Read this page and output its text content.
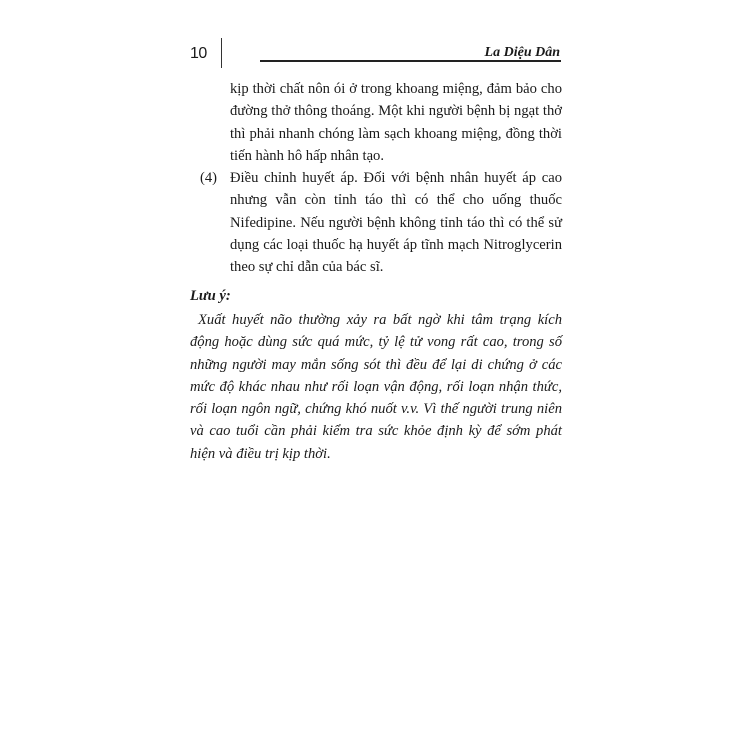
10	La Diệu Dân

kịp thời chất nôn ói ở trong khoang miệng, đảm bảo cho đường thở thông thoáng. Một khi người bệnh bị ngạt thở thì phải nhanh chóng làm sạch khoang miệng, đồng thời tiến hành hô hấp nhân tạo.

(4) Điều chỉnh huyết áp. Đối với bệnh nhân huyết áp cao nhưng vẫn còn tỉnh táo thì có thể cho uống thuốc Nifedipine. Nếu người bệnh không tỉnh táo thì có thể sử dụng các loại thuốc hạ huyết áp tĩnh mạch Nitroglycerin theo sự chỉ dẫn của bác sĩ.

Lưu ý:

Xuất huyết não thường xảy ra bất ngờ khi tâm trạng kích động hoặc dùng sức quá mức, tỷ lệ tử vong rất cao, trong số những người may mắn sống sót thì đều để lại di chứng ở các mức độ khác nhau như rối loạn vận động, rối loạn nhận thức, rối loạn ngôn ngữ, chứng khó nuốt v.v. Vì thế người trung niên và cao tuổi cần phải kiểm tra sức khỏe định kỳ để sớm phát hiện và điều trị kịp thời.
